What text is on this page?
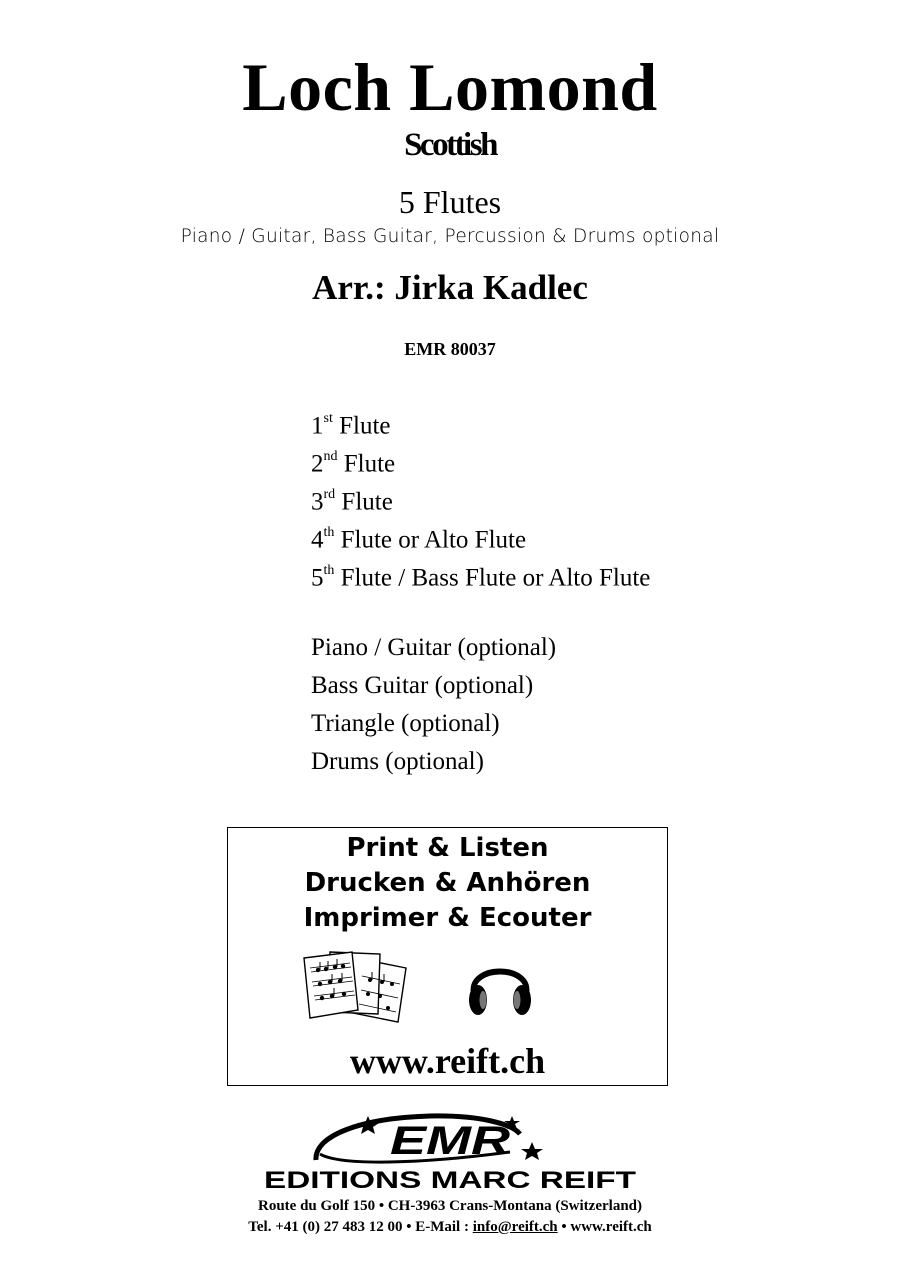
Loch Lomond
Scottish
5 Flutes
Piano / Guitar, Bass Guitar, Percussion & Drums optional
Arr.: Jirka Kadlec
EMR 80037
1st Flute
2nd Flute
3rd Flute
4th Flute or Alto Flute
5th Flute / Bass Flute or Alto Flute
Piano / Guitar (optional)
Bass Guitar (optional)
Triangle (optional)
Drums (optional)
Print & Listen
Drucken & Anhören
Imprimer & Ecouter
www.reift.ch
EMR
EDITIONS MARC REIFT
Route du Golf 150 • CH-3963 Crans-Montana (Switzerland)
Tel. +41 (0) 27 483 12 00 • E-Mail : info@reift.ch • www.reift.ch
